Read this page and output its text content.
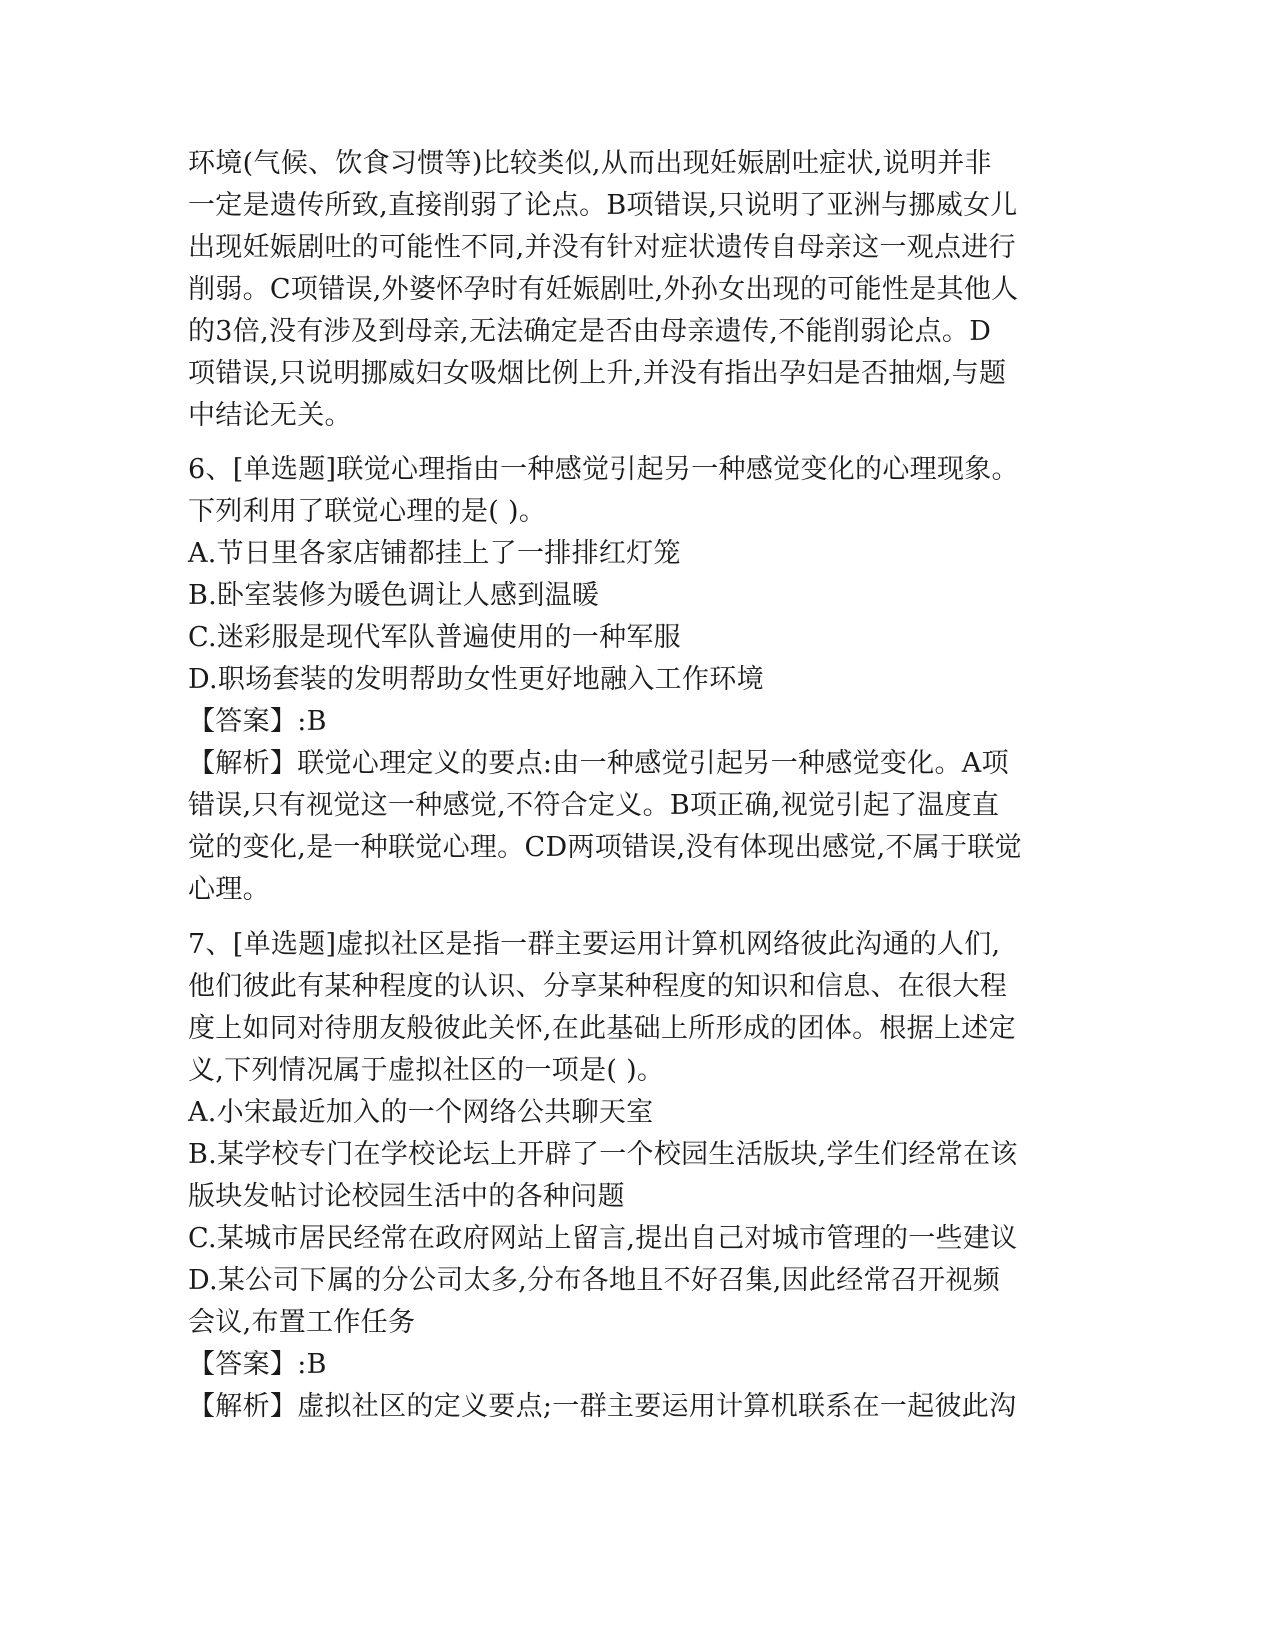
环境(气候、饮食习惯等)比较类似,从而出现妊娠剧吐症状,说明并非
一定是遗传所致,直接削弱了论点。B项错误,只说明了亚洲与挪威女儿
出现妊娠剧吐的可能性不同,并没有针对症状遗传自母亲这一观点进行
削弱。C项错误,外婆怀孕时有妊娠剧吐,外孙女出现的可能性是其他人
的3倍,没有涉及到母亲,无法确定是否由母亲遗传,不能削弱论点。D
项错误,只说明挪威妇女吸烟比例上升,并没有指出孕妇是否抽烟,与题
中结论无关。
6、[单选题]联觉心理指由一种感觉引起另一种感觉变化的心理现象。
下列利用了联觉心理的是( )。
A.节日里各家店铺都挂上了一排排红灯笼
B.卧室装修为暖色调让人感到温暖
C.迷彩服是现代军队普遍使用的一种军服
D.职场套装的发明帮助女性更好地融入工作环境
【答案】:B
【解析】联觉心理定义的要点:由一种感觉引起另一种感觉变化。A项
错误,只有视觉这一种感觉,不符合定义。B项正确,视觉引起了温度直
觉的变化,是一种联觉心理。CD两项错误,没有体现出感觉,不属于联觉
心理。
7、[单选题]虚拟社区是指一群主要运用计算机网络彼此沟通的人们,
他们彼此有某种程度的认识、分享某种程度的知识和信息、在很大程
度上如同对待朋友般彼此关怀,在此基础上所形成的团体。根据上述定
义,下列情况属于虚拟社区的一项是( )。
A.小宋最近加入的一个网络公共聊天室
B.某学校专门在学校论坛上开辟了一个校园生活版块,学生们经常在该
版块发帖讨论校园生活中的各种问题
C.某城市居民经常在政府网站上留言,提出自己对城市管理的一些建议
D.某公司下属的分公司太多,分布各地且不好召集,因此经常召开视频
会议,布置工作任务
【答案】:B
【解析】虚拟社区的定义要点;一群主要运用计算机联系在一起彼此沟
